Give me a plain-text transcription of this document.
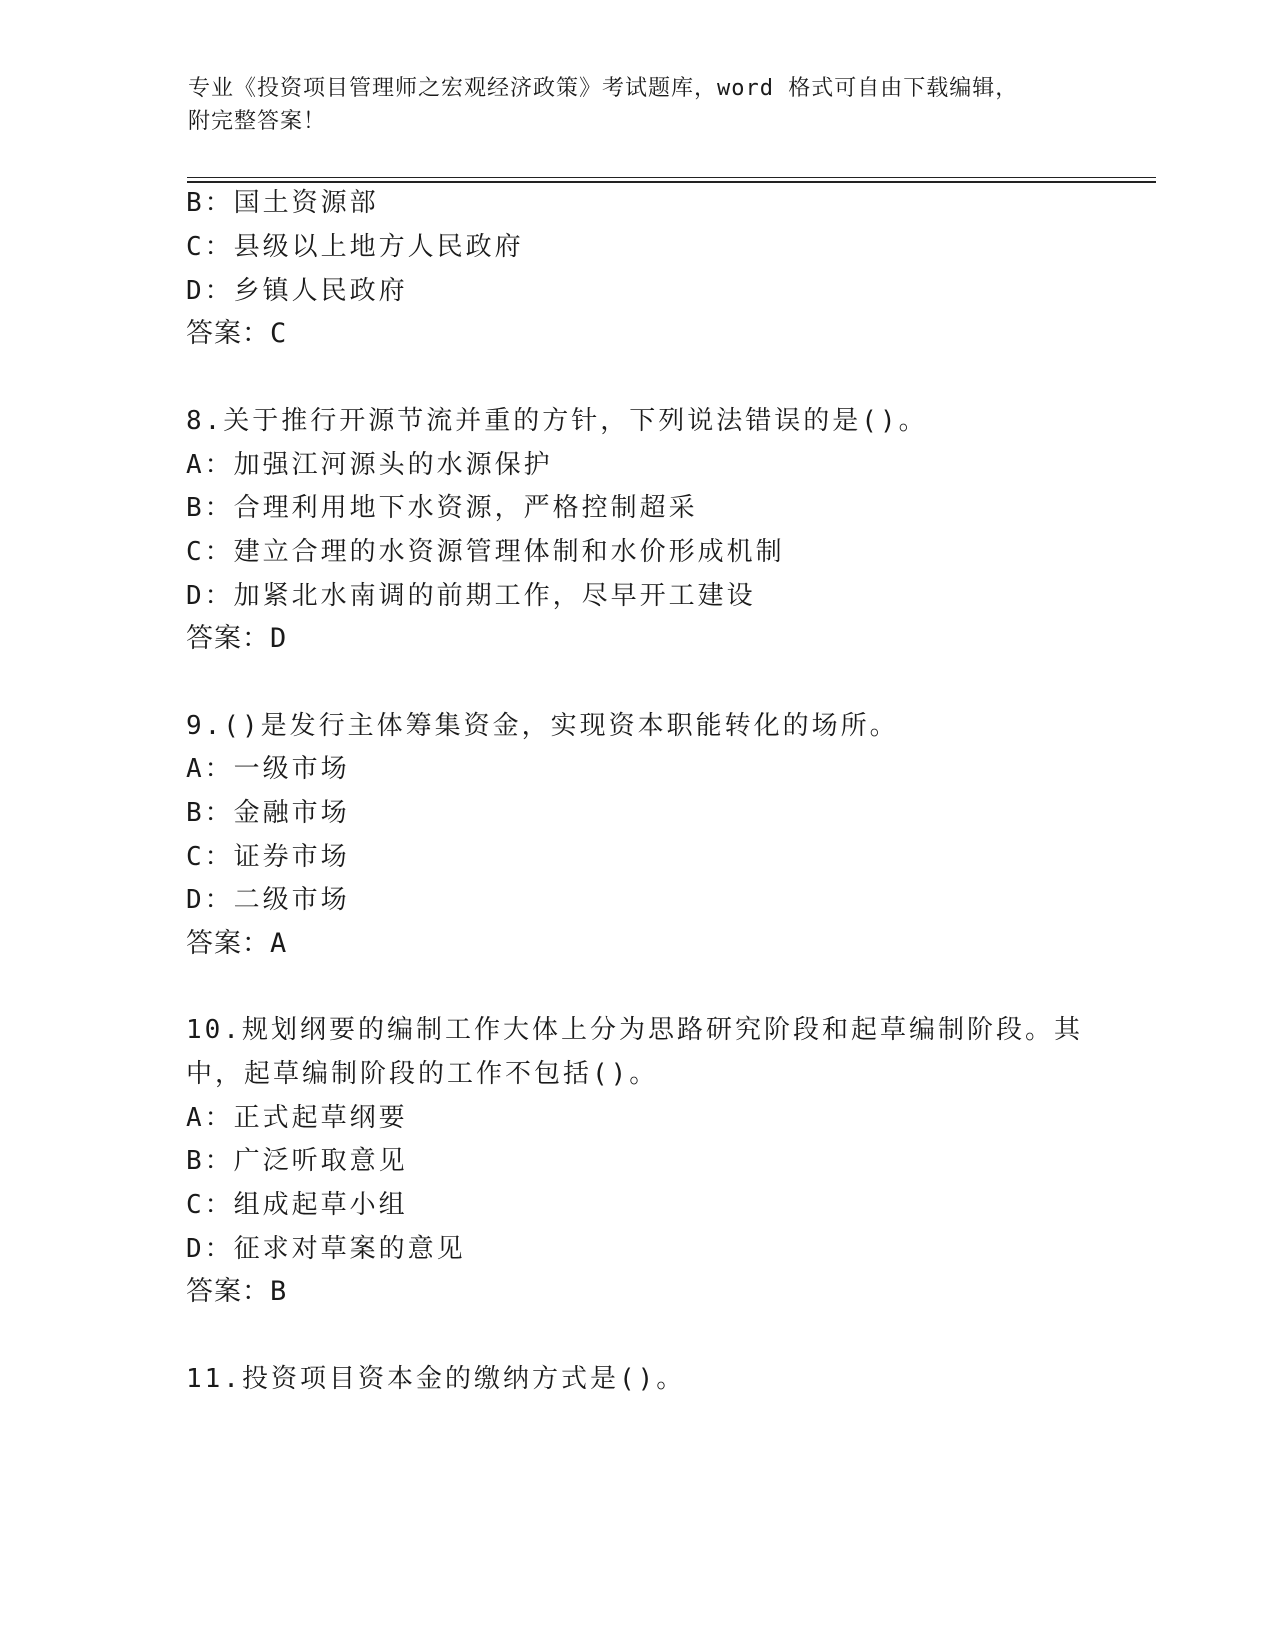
专业《投资项目管理师之宏观经济政策》考试题库，word 格式可自由下载编辑，
附完整答案！
B：国土资源部
C：县级以上地方人民政府
D：乡镇人民政府
答案：C
8.关于推行开源节流并重的方针，下列说法错误的是()。
A：加强江河源头的水源保护
B：合理利用地下水资源，严格控制超采
C：建立合理的水资源管理体制和水价形成机制
D：加紧北水南调的前期工作，尽早开工建设
答案：D
9.()是发行主体筹集资金，实现资本职能转化的场所。
A：一级市场
B：金融市场
C：证券市场
D：二级市场
答案：A
10.规划纲要的编制工作大体上分为思路研究阶段和起草编制阶段。其
中，起草编制阶段的工作不包括()。
A：正式起草纲要
B：广泛听取意见
C：组成起草小组
D：征求对草案的意见
答案：B
11.投资项目资本金的缴纳方式是()。
